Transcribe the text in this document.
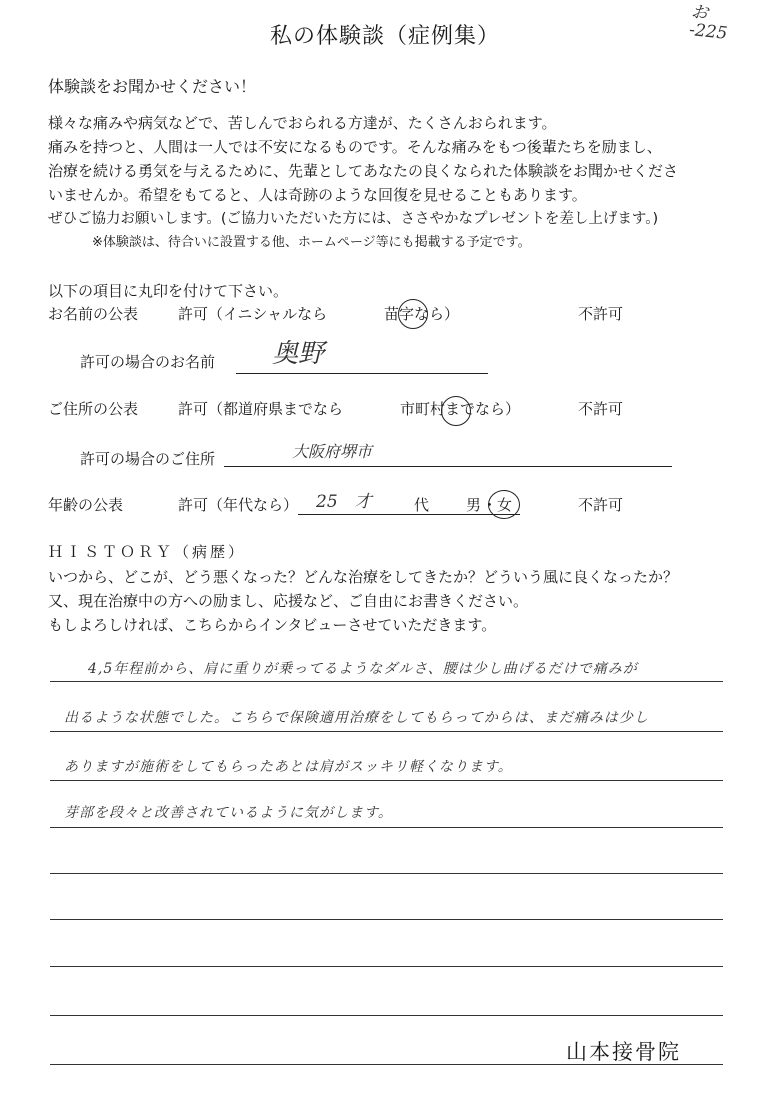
お
-225
私の体験談（症例集）
体験談をお聞かせください！
様々な痛みや病気などで、苦しんでおられる方達が、たくさんおられます。
痛みを持つと、人間は一人では不安になるものです。そんな痛みをもつ後輩たちを励まし、
治療を続ける勇気を与えるために、先輩としてあなたの良くなられた体験談をお聞かせくださ
いませんか。希望をもてると、人は奇跡のような回復を見せることもあります。
ぜひご協力お願いします。(ご協力いただいた方には、ささやかなプレゼントを差し上げます。)
※体験談は、待合いに設置する他、ホームページ等にも掲載する予定です。
以下の項目に丸印を付けて下さい。
お名前の公表	許可（イニシャルなら	苗字なら）	不許可
許可の場合のお名前 奥野
ご住所の公表	許可（都道府県までなら	市町村までなら）	不許可
許可の場合のご住所	大阪府堺市
年齢の公表	許可（年代なら） 25　才	代 男 ・ 女	不許可
ＨＩＳＴＯＲＹ（病歴）
いつから、どこが、どう悪くなった？どんな治療をしてきたか？どういう風に良くなったか？
又、現在治療中の方への励まし、応援など、ご自由にお書きください。
もしよろしければ、こちらからインタビューさせていただきます。
4,5年程前から、肩に重りが乗ってるようなダルさ、腰は少し曲げるだけで痛みが
出るような状態でした。こちらで保険適用治療をしてもらってからは、まだ痛みは少し
ありますが施術をしてもらったあとは肩がスッキリ軽くなります。
芽部を段々と改善されているように気がします。
山本接骨院
